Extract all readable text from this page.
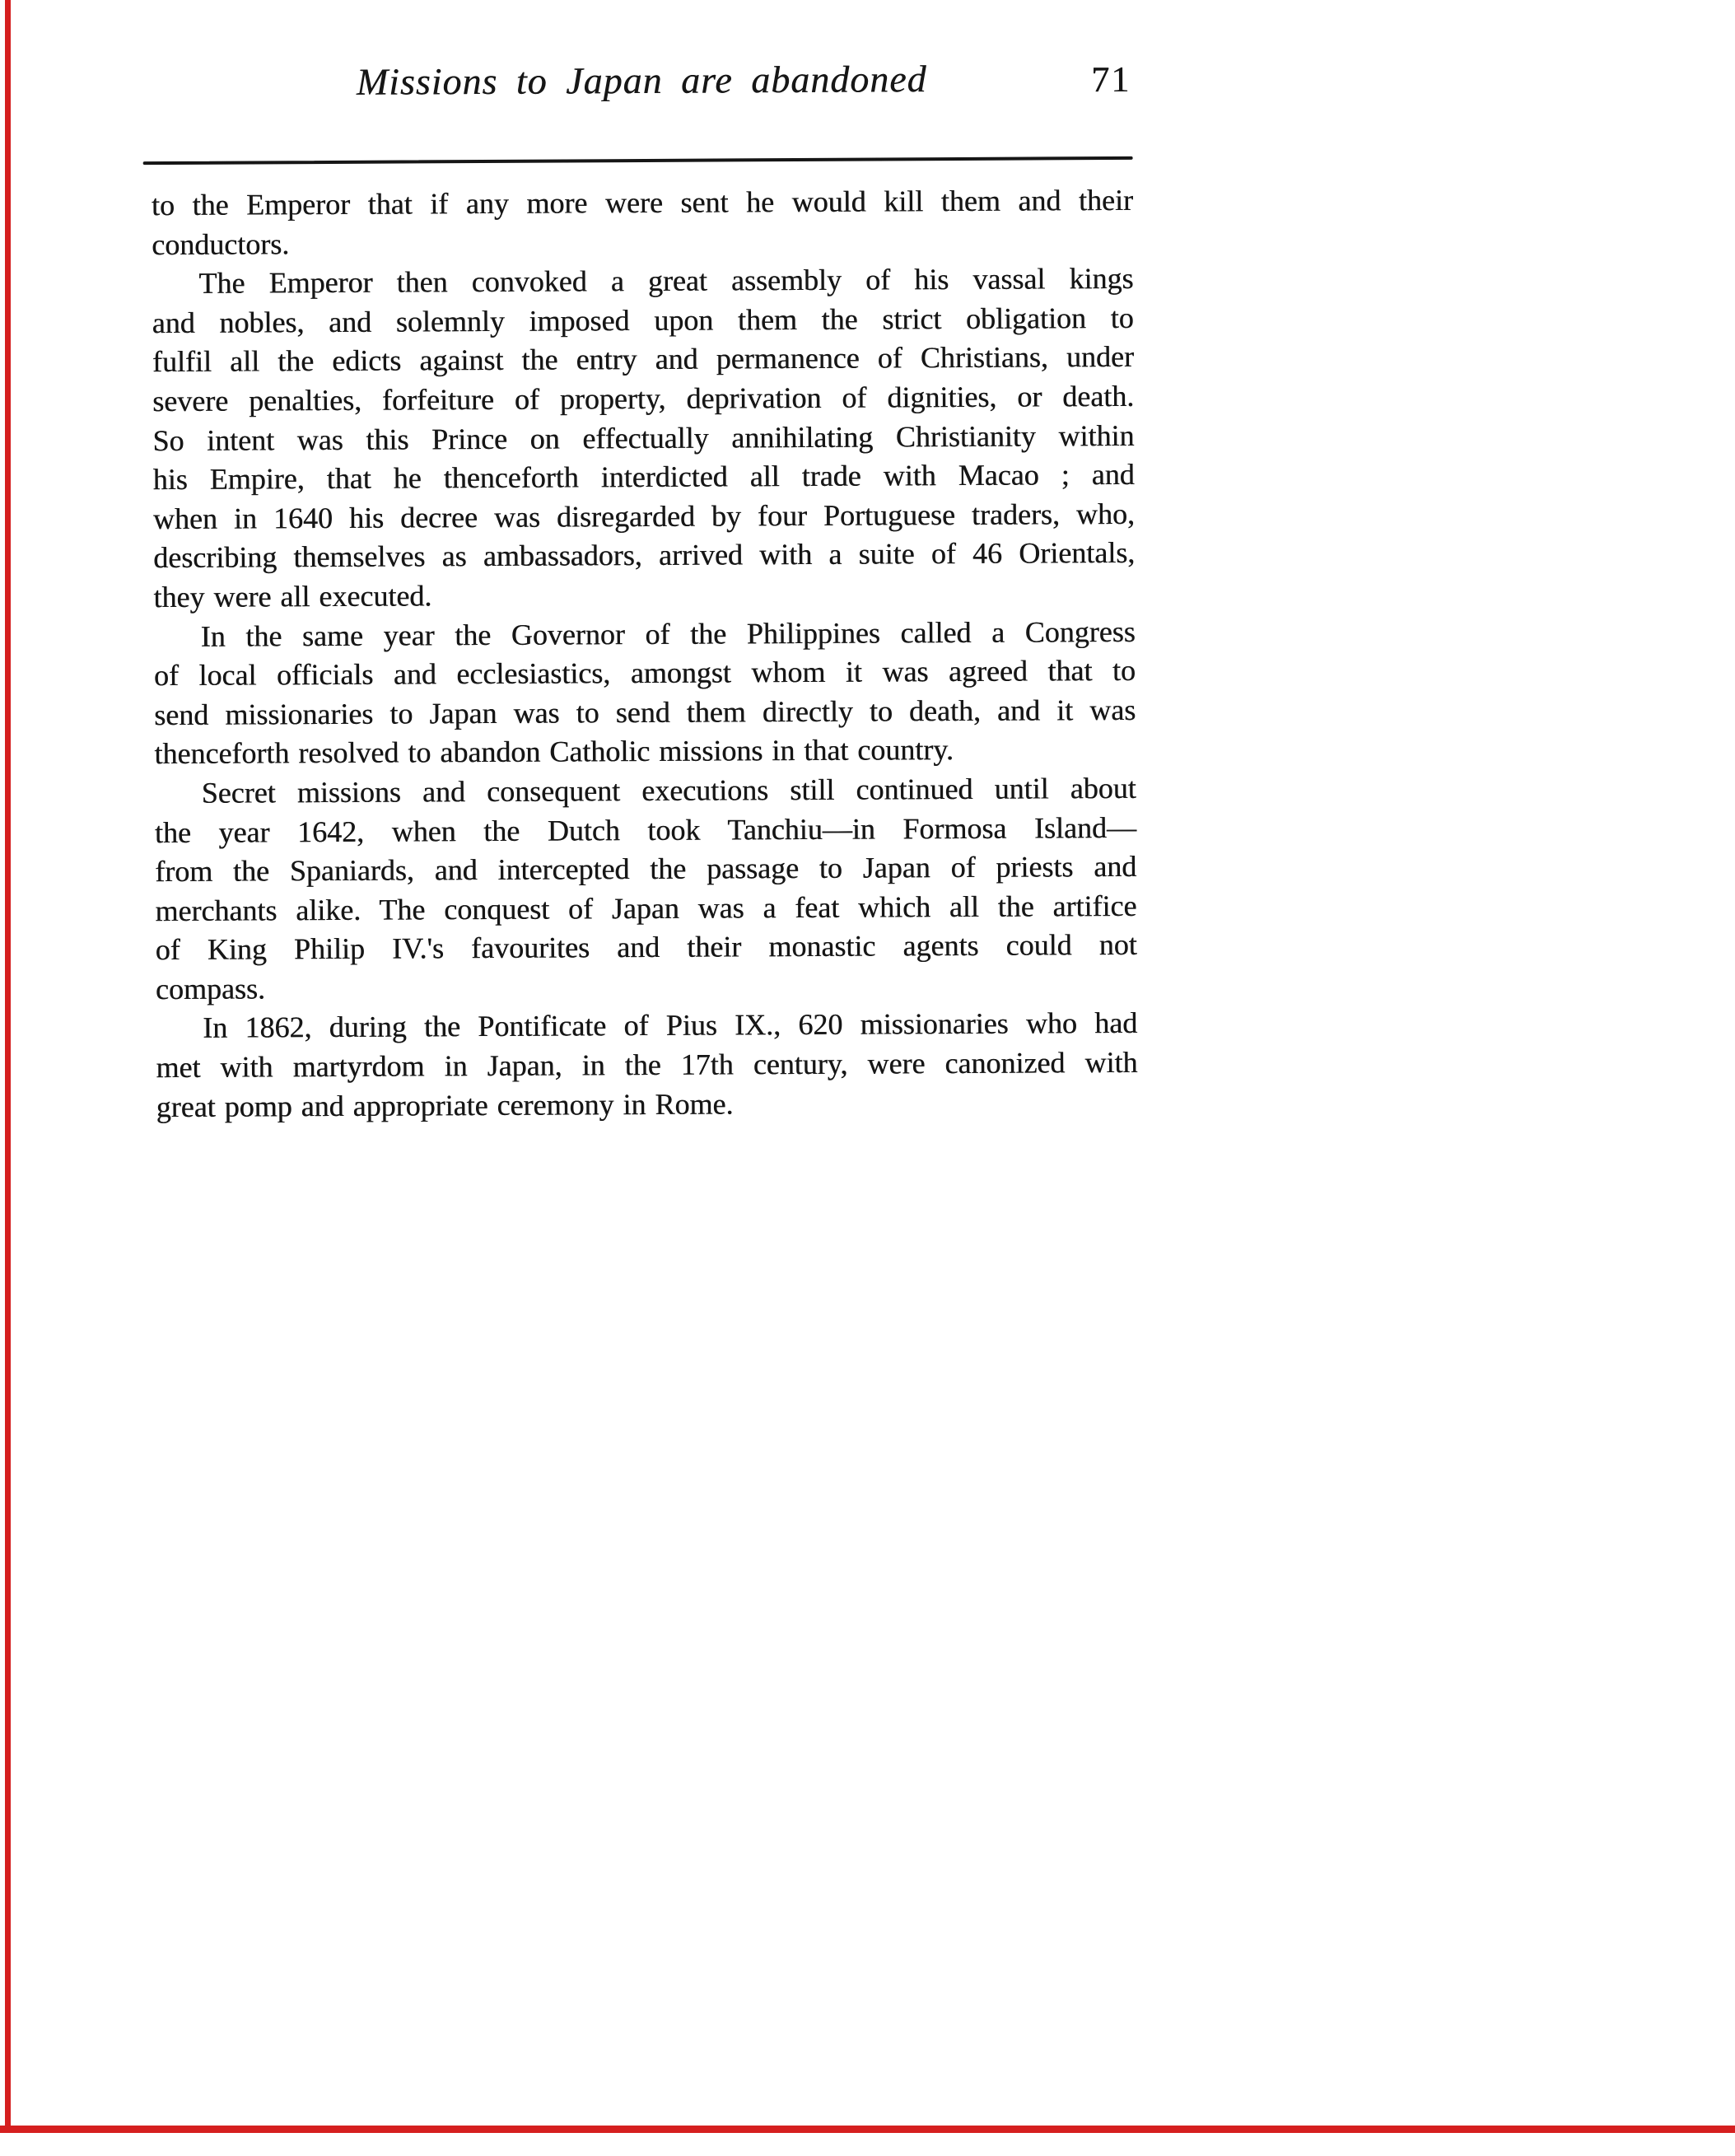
Missions to Japan are abandoned	71
to the Emperor that if any more were sent he would kill them and their
conductors.
The Emperor then convoked a great assembly of his vassal kings
and nobles, and solemnly imposed upon them the strict obligation to
fulfil all the edicts against the entry and permanence of Christians, under
severe penalties, forfeiture of property, deprivation of dignities, or death.
So intent was this Prince on effectually annihilating Christianity within
his Empire, that he thenceforth interdicted all trade with Macao ; and
when in 1640 his decree was disregarded by four Portuguese traders, who,
describing themselves as ambassadors, arrived with a suite of 46 Orientals,
they were all executed.
In the same year the Governor of the Philippines called a Congress
of local officials and ecclesiastics, amongst whom it was agreed that to
send missionaries to Japan was to send them directly to death, and it was
thenceforth resolved to abandon Catholic missions in that country.
Secret missions and consequent executions still continued until about
the year 1642, when the Dutch took Tanchiu—in Formosa Island—
from the Spaniards, and intercepted the passage to Japan of priests and
merchants alike. The conquest of Japan was a feat which all the artifice
of King Philip IV.'s favourites and their monastic agents could not
compass.
In 1862, during the Pontificate of Pius IX., 620 missionaries who had
met with martyrdom in Japan, in the 17th century, were canonized with
great pomp and appropriate ceremony in Rome.
